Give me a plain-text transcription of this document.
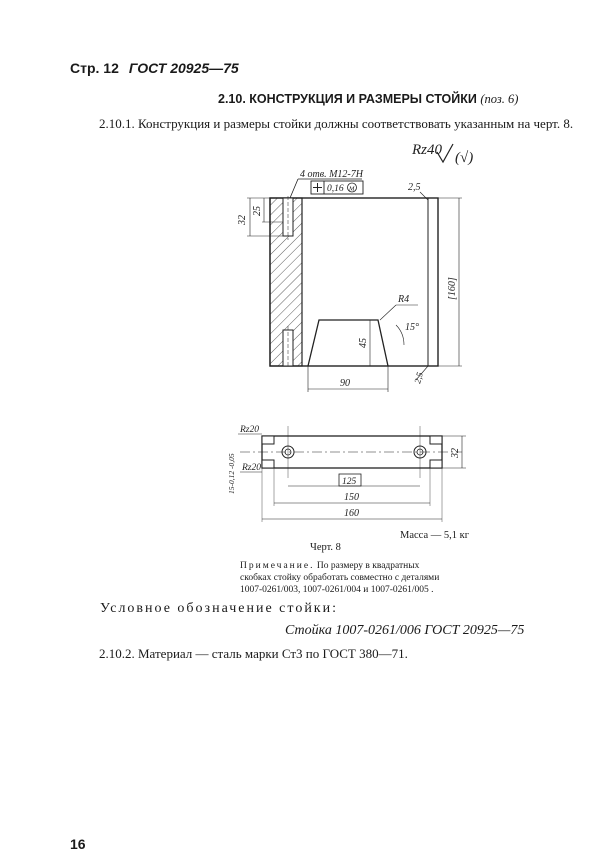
Стр. 12 ГОСТ 20925—75
2.10. КОНСТРУКЦИЯ И РАЗМЕРЫ СТОЙКИ (поз. 6)
2.10.1. Конструкция и размеры стойки должны соответствовать указанным на черт. 8.
Rz40 (√)
4 отв. М12-7Н
0,16 M
32
25
2,5
[160]
R4
15°
45
90	2,5
Rz20
Rz20
15-0,12 -0,05
32
125
150
160
Масса — 5,1 кг
Черт. 8
Примечание. По размеру в квадратных
скобках стойку обработать совместно с деталями
1007-0261/003, 1007-0261/004 и 1007-0261/005 .
Условное обозначение стойки:
Стойка 1007-0261/006 ГОСТ 20925—75
2.10.2. Материал — сталь марки Ст3 по ГОСТ 380—71.
16
